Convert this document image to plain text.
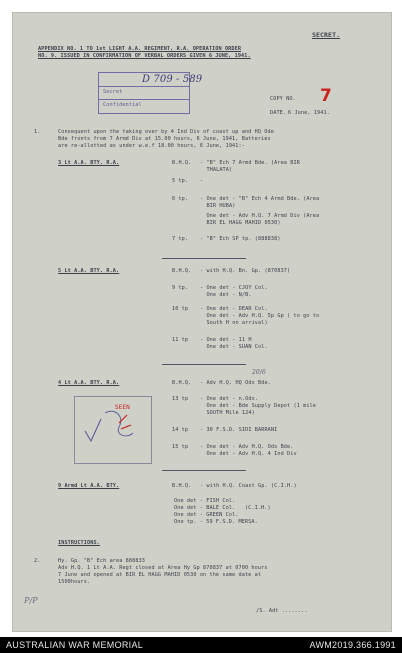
SECRET.
APPENDIX NO. 1 TO 1st LIGHT A.A. REGIMENT, R.A. OPERATION ORDER
NO. 9. ISSUED IN CONFIRMATION OF VERBAL ORDERS GIVEN 6 JUNE, 1941.
Secret
Confidential
D 709 - 589
COPY NO. 7
DATE. 6 June, 1941.
1.	Consequent upon the taking over by 4 Ind Div of coast up and HQ Ode
Bde fronts from 7 Armd Div at 15.00 hours, 6 June, 1941, Batteries
are re-allotted as under w.e.f 18.00 hours, 6 June, 1941:-
3 Lt A.A. BTY. R.A.	B.H.Q. - "B" Ech 7 Armd Bde. (Area BIR
THALATA)
5 tp. -
6 tp. - One det - "B" Ech 4 Armd Bde. (Area
BIR HUBA)
One det - Adv H.Q. 7 Armd Div (Area
BIR EL HAGG MAHID 0530)
7 tp. - "B" Ech SP tp. (888838)
5 Lt A.A. BTY. R.A.	B.H.Q. - with H.Q. Bn. Gp. (870837)
9 tp. - One det - CJOY Col.
One det - N/B.
10 tp - One det - DEAR Col.
One det - Adv H.Q. 5p Gp ( to go to
South H on arrival)
11 tp - One det - 11 H
One det - SUAN Col.
20/6
4 Lt A.A. BTY. R.A.	B.H.Q. - Adv H.Q. HQ Ods Bde.
13 tp - One det - n.Ods.
One det - Bde Supply Depot (1 mile
SOUTH Mile 124)
14 tp - 30 F.S.D. SIDI BARRANI
15 tp - One det - Adv H.Q. Ods Bde.
One det - Adv H.Q. 4 Ind Div
SEEN
9 Armd Lt A.A. BTY.	B.H.Q. - with H.Q. Coast Gp. (C.I.H.)
One det - FISH Col.
One det - BALE Col.   (C.I.H.)
One det - GREEN Col.
One tp. - 59 F.S.D. MERSA.
INSTRUCTIONS.
2.	Hy. Gp. "B" Ech area 888833
Adv H.Q. 1 Lt A.A. Regt closed at Area Hy Gp 870837 at 0700 hours
7 June and opened at BIR EL HAGG MAHID 0530 on the same date at
1500hours.
P/P
/S. Adt ........
AUSTRALIAN WAR MEMORIAL	AWM2019.366.1991
